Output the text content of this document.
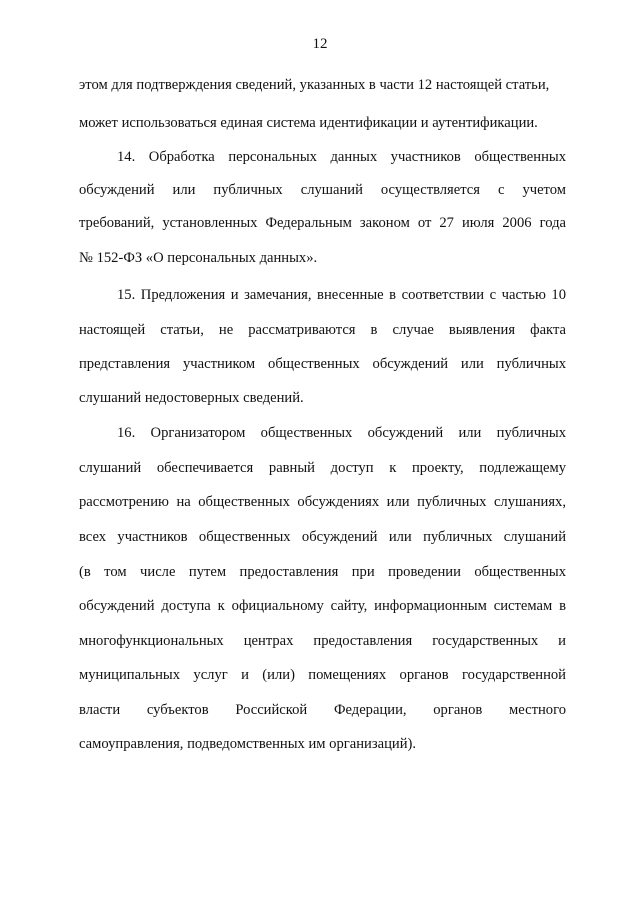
12
этом для подтверждения сведений, указанных в части 12 настоящей статьи,
может использоваться единая система идентификации и аутентификации.
14. Обработка персональных данных участников общественных
обсуждений или публичных слушаний осуществляется с учетом
требований, установленных Федеральным законом от 27 июля 2006 года
№ 152-ФЗ «О персональных данных».
15. Предложения и замечания, внесенные в соответствии с частью 10
настоящей статьи, не рассматриваются в случае выявления факта
представления участником общественных обсуждений или публичных
слушаний недостоверных сведений.
16. Организатором общественных обсуждений или публичных
слушаний обеспечивается равный доступ к проекту, подлежащему
рассмотрению на общественных обсуждениях или публичных слушаниях,
всех участников общественных обсуждений или публичных слушаний
(в том числе путем предоставления при проведении общественных
обсуждений доступа к официальному сайту, информационным системам в
многофункциональных центрах предоставления государственных и
муниципальных услуг и (или) помещениях органов государственной
власти субъектов Российской Федерации, органов местного
самоуправления, подведомственных им организаций).
